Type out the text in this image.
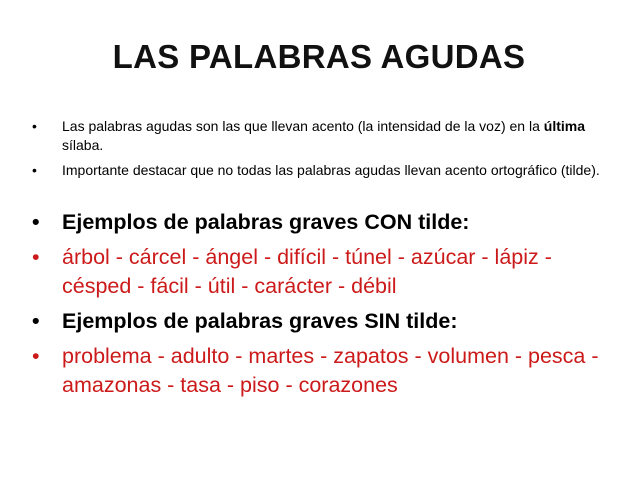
LAS PALABRAS AGUDAS
• Las palabras agudas son las que llevan acento (la intensidad de la voz) en la última sílaba.
• Importante destacar que no todas las palabras agudas llevan acento ortográfico (tilde).
• Ejemplos de palabras graves CON tilde:
• árbol - cárcel - ángel - difícil - túnel - azúcar - lápiz - césped - fácil - útil - carácter - débil
• Ejemplos de palabras graves SIN tilde:
• problema - adulto - martes - zapatos - volumen - pesca - amazonas - tasa - piso - corazones
